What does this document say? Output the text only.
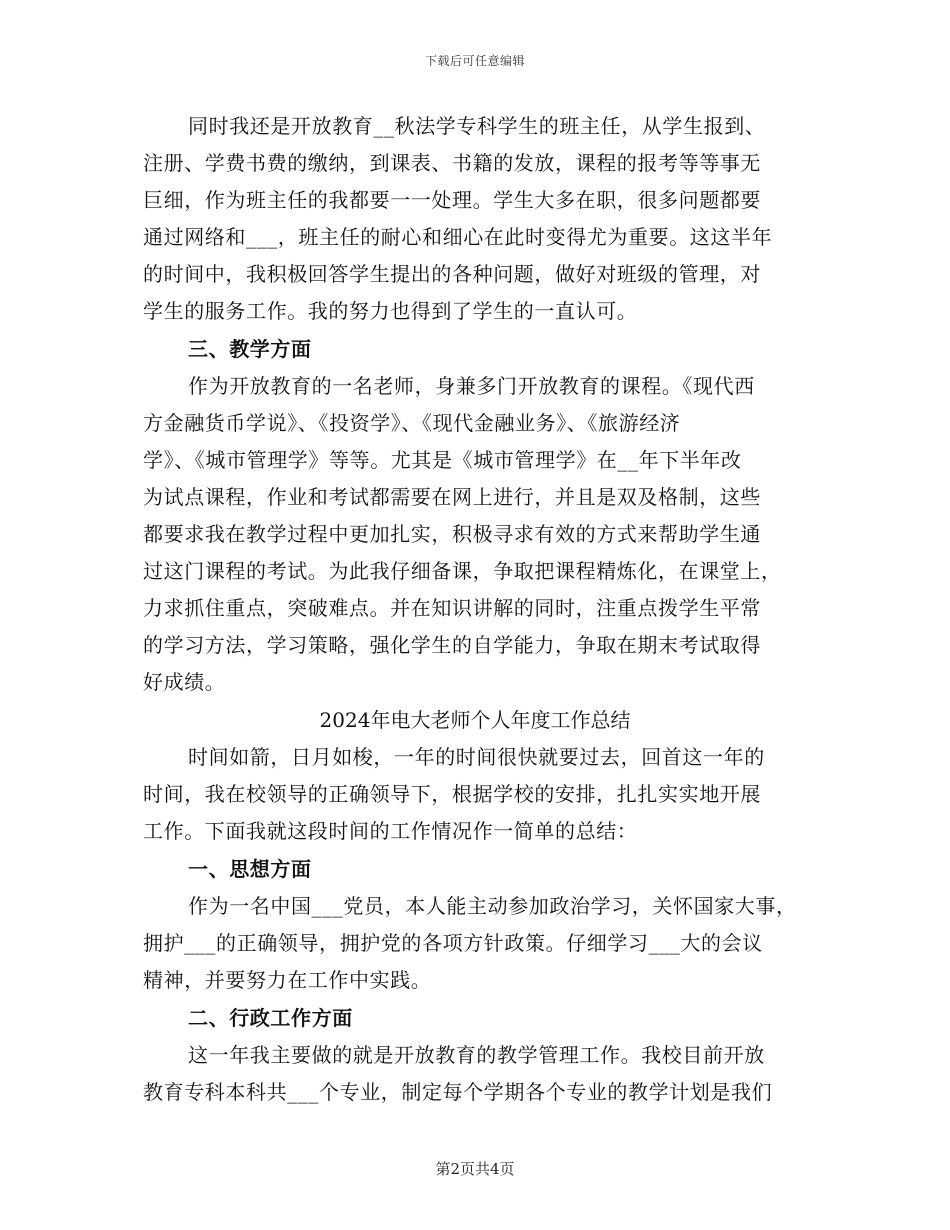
下载后可任意编辑
同时我还是开放教育__秋法学专科学生的班主任，从学生报到、
注册、学费书费的缴纳，到课表、书籍的发放，课程的报考等等事无
巨细，作为班主任的我都要一一处理。学生大多在职，很多问题都要
通过网络和___，班主任的耐心和细心在此时变得尤为重要。这这半年
的时间中，我积极回答学生提出的各种问题，做好对班级的管理，对
学生的服务工作。我的努力也得到了学生的一直认可。
三、教学方面
作为开放教育的一名老师，身兼多门开放教育的课程。《现代西
方金融货币学说》、《投资学》、《现代金融业务》、《旅游经济
学》、《城市管理学》等等。尤其是《城市管理学》在__年下半年改
为试点课程，作业和考试都需要在网上进行，并且是双及格制，这些
都要求我在教学过程中更加扎实，积极寻求有效的方式来帮助学生通
过这门课程的考试。为此我仔细备课，争取把课程精炼化，在课堂上，
力求抓住重点，突破难点。并在知识讲解的同时，注重点拨学生平常
的学习方法，学习策略，强化学生的自学能力，争取在期末考试取得
好成绩。
2024年电大老师个人年度工作总结
时间如箭，日月如梭，一年的时间很快就要过去，回首这一年的
时间，我在校领导的正确领导下，根据学校的安排，扎扎实实地开展
工作。下面我就这段时间的工作情况作一简单的总结：
一、思想方面
作为一名中国___党员，本人能主动参加政治学习，关怀国家大事，
拥护___的正确领导，拥护党的各项方针政策。仔细学习___大的会议
精神，并要努力在工作中实践。
二、行政工作方面
这一年我主要做的就是开放教育的教学管理工作。我校目前开放
教育专科本科共___个专业，制定每个学期各个专业的教学计划是我们
第2页共4页
